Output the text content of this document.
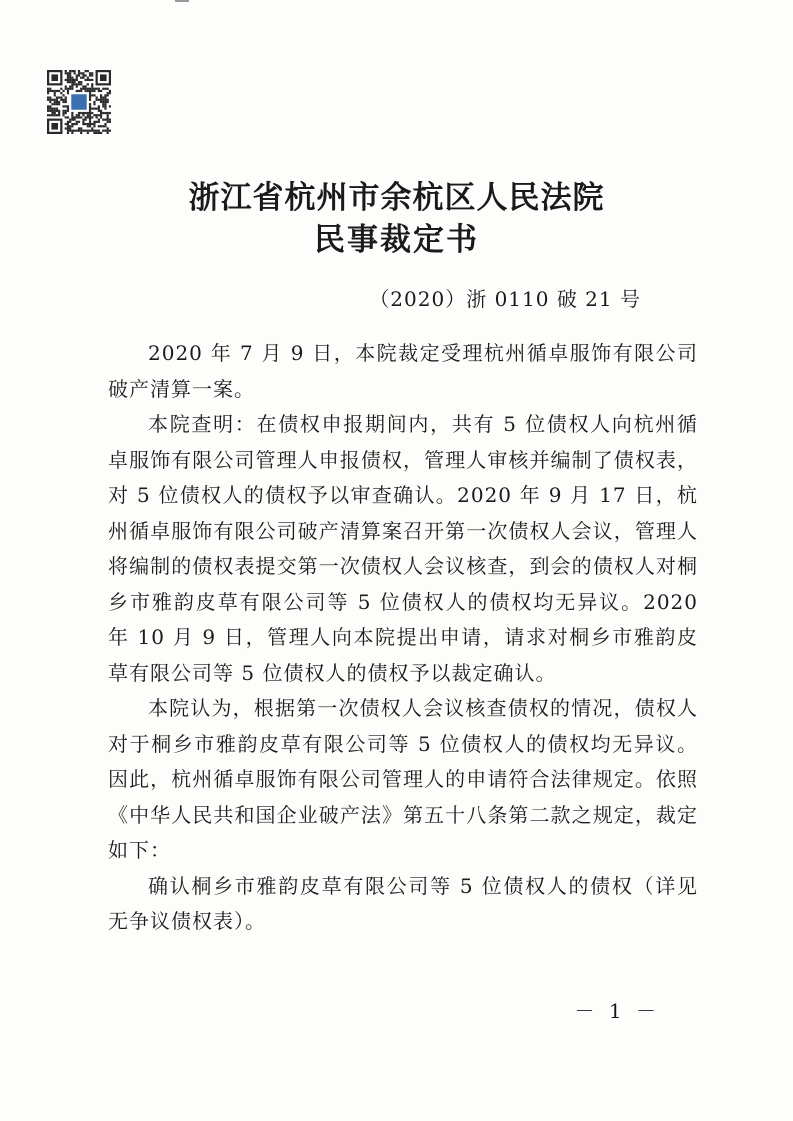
浙江省杭州市余杭区人民法院
民事裁定书
（2020）浙 0110 破 21 号

2020 年 7 月 9 日，本院裁定受理杭州循卓服饰有限公司破产清算一案。

本院查明：在债权申报期间内，共有 5 位债权人向杭州循卓服饰有限公司管理人申报债权，管理人审核并编制了债权表，对 5 位债权人的债权予以审查确认。2020 年 9 月 17 日，杭州循卓服饰有限公司破产清算案召开第一次债权人会议，管理人将编制的债权表提交第一次债权人会议核查，到会的债权人对桐乡市雅韵皮草有限公司等 5 位债权人的债权均无异议。2020 年 10 月 9 日，管理人向本院提出申请，请求对桐乡市雅韵皮草有限公司等 5 位债权人的债权予以裁定确认。

本院认为，根据第一次债权人会议核查债权的情况，债权人对于桐乡市雅韵皮草有限公司等 5 位债权人的债权均无异议。因此，杭州循卓服饰有限公司管理人的申请符合法律规定。依照《中华人民共和国企业破产法》第五十八条第二款之规定，裁定如下：

确认桐乡市雅韵皮草有限公司等 5 位债权人的债权（详见无争议债权表）。

－ 1 －
